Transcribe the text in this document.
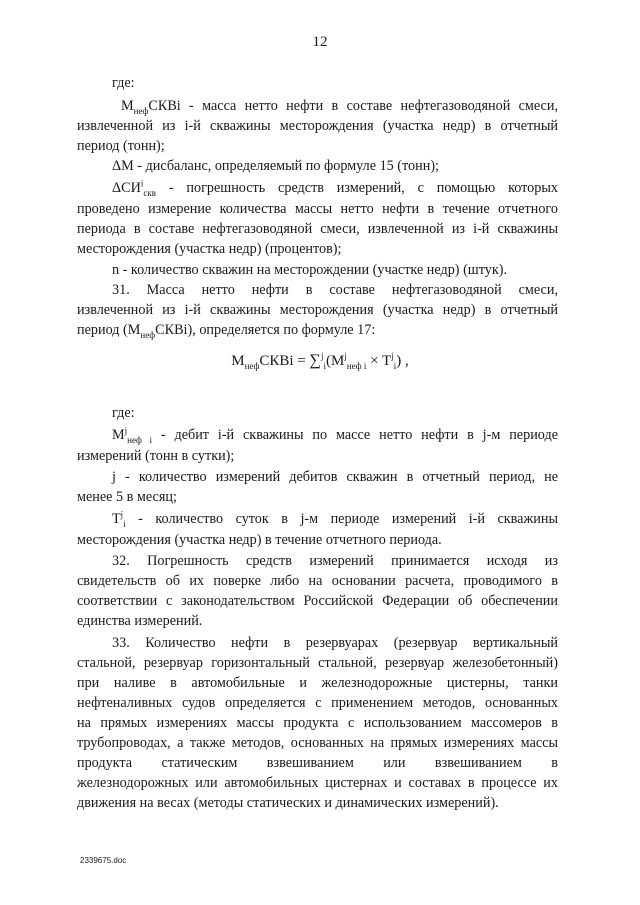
12
где:
$M_{неф}СКВi$ - масса нетто нефти в составе нефтегазоводяной смеси,
извлеченной из i-й скважины месторождения (участка недр) в отчетный
период (тонн);
ΔM - дисбаланс, определяемый по формуле 15 (тонн);
$\Delta СИ^i_{скв}$ - погрешность средств измерений, с помощью которых
проведено измерение количества массы нетто нефти в течение отчетного
периода в составе нефтегазоводяной смеси, извлеченной из i-й скважины
месторождения (участка недр) (процентов);
n - количество скважин на месторождении (участке недр) (штук).
31. Масса нетто нефти в составе нефтегазоводяной смеси,
извлеченной из i-й скважины месторождения (участка недр) в отчетный
период $(M_{неф}СКВi)$, определяется по формуле 17:
$M_{неф}СКВi = \sum^j_i(M^j_{неф i} \times T^j_i)$ ,
где:
$M^j_{неф i}$ - дебит i-й скважины по массе нетто нефти в j-м периоде
измерений (тонн в сутки);
j - количество измерений дебитов скважин в отчетный период, не
менее 5 в месяц;
$T^j_i$ - количество суток в j-м периоде измерений i-й скважины
месторождения (участка недр) в течение отчетного периода.
32. Погрешность средств измерений принимается исходя из
свидетельств об их поверке либо на основании расчета, проводимого в
соответствии с законодательством Российской Федерации об обеспечении
единства измерений.
33. Количество нефти в резервуарах (резервуар вертикальный
стальной, резервуар горизонтальный стальной, резервуар железобетонный)
при наливе в автомобильные и железнодорожные цистерны, танки
нефтеналивных судов определяется с применением методов, основанных
на прямых измерениях массы продукта с использованием массомеров в
трубопроводах, а также методов, основанных на прямых измерениях массы
продукта статическим взвешиванием или взвешиванием в
железнодорожных или автомобильных цистернах и составах в процессе их
движения на весах (методы статических и динамических измерений).
2339675.doc
